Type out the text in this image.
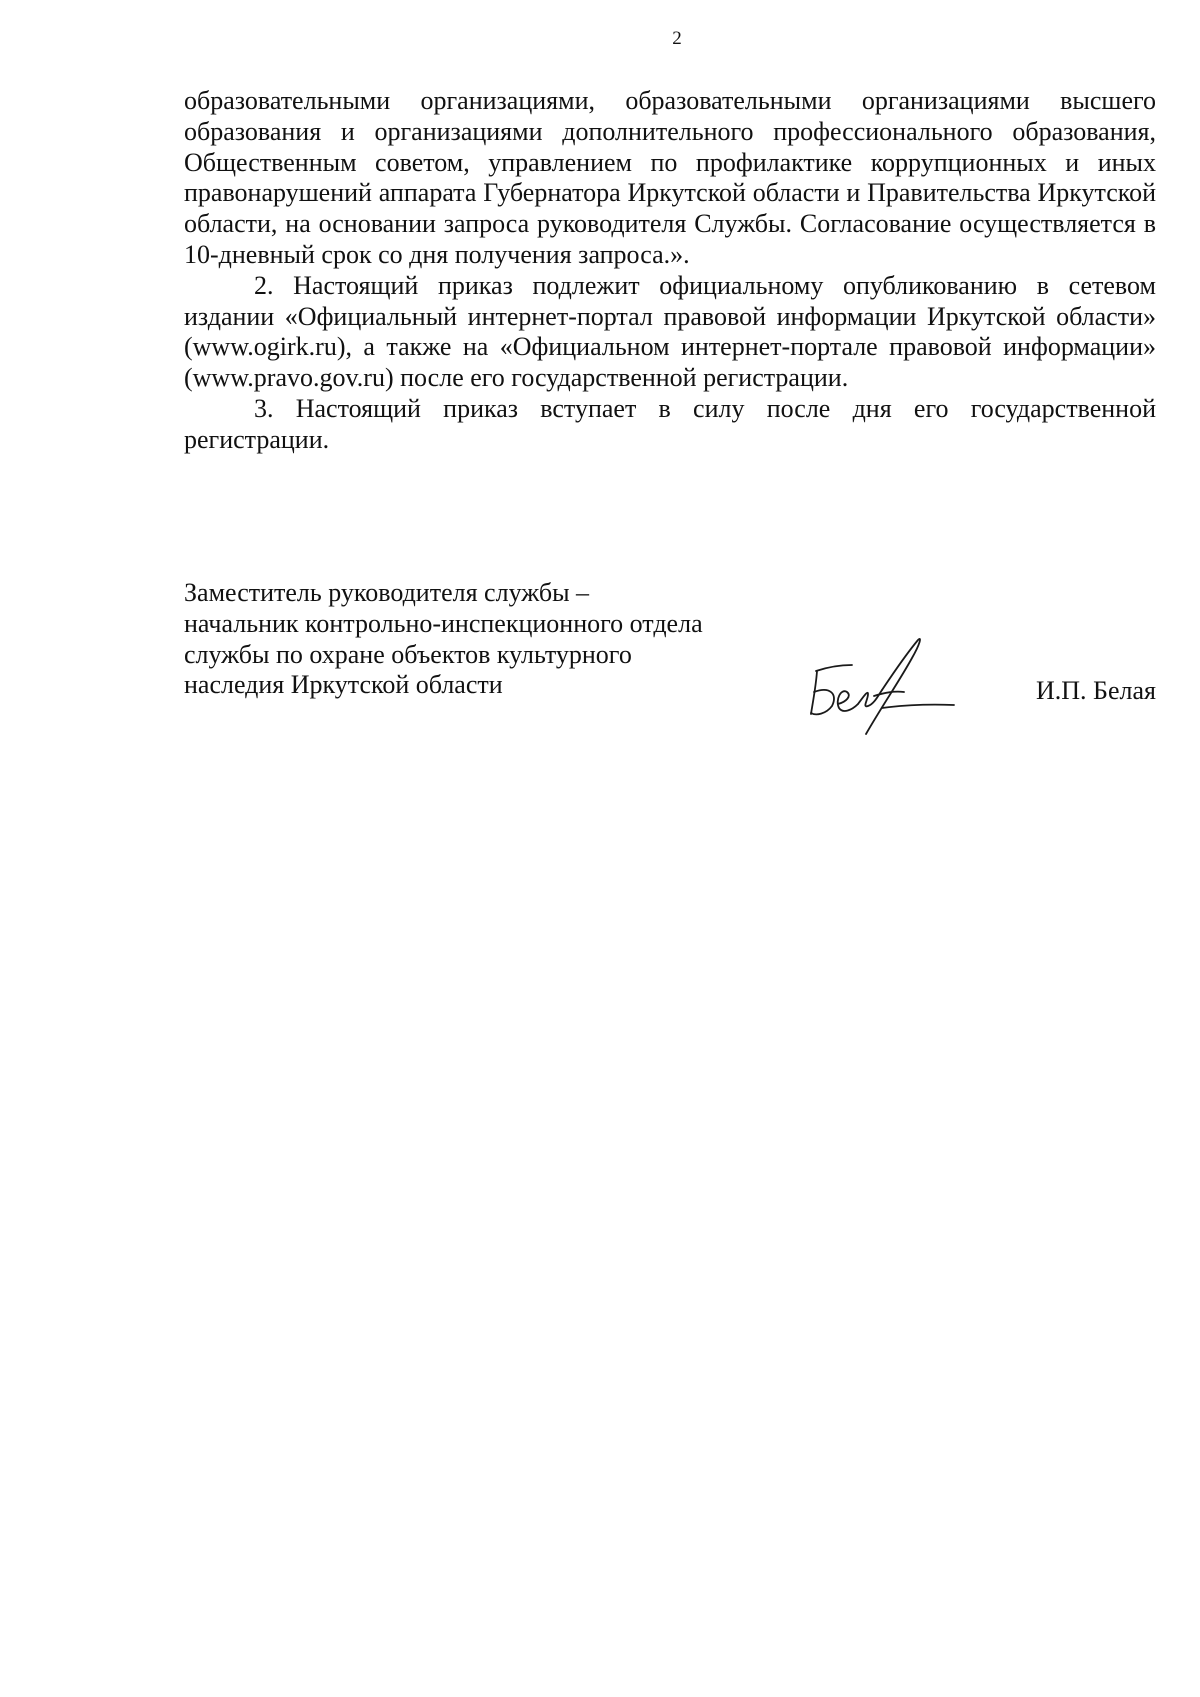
2

образовательными организациями, образовательными организациями высшего образования и организациями дополнительного профессионального образования, Общественным советом, управлением по профилактике коррупционных и иных правонарушений аппарата Губернатора Иркутской области и Правительства Иркутской области, на основании запроса руководителя Службы. Согласование осуществляется в 10-дневный срок со дня получения запроса.».

2. Настоящий приказ подлежит официальному опубликованию в сетевом издании «Официальный интернет-портал правовой информации Иркутской области» (www.ogirk.ru), а также на «Официальном интернет-портале правовой информации» (www.pravo.gov.ru) после его государственной регистрации.

3. Настоящий приказ вступает в силу после дня его государственной регистрации.

Заместитель руководителя службы –
начальник контрольно-инспекционного отдела
службы по охране объектов культурного
наследия Иркутской области	И.П. Белая
